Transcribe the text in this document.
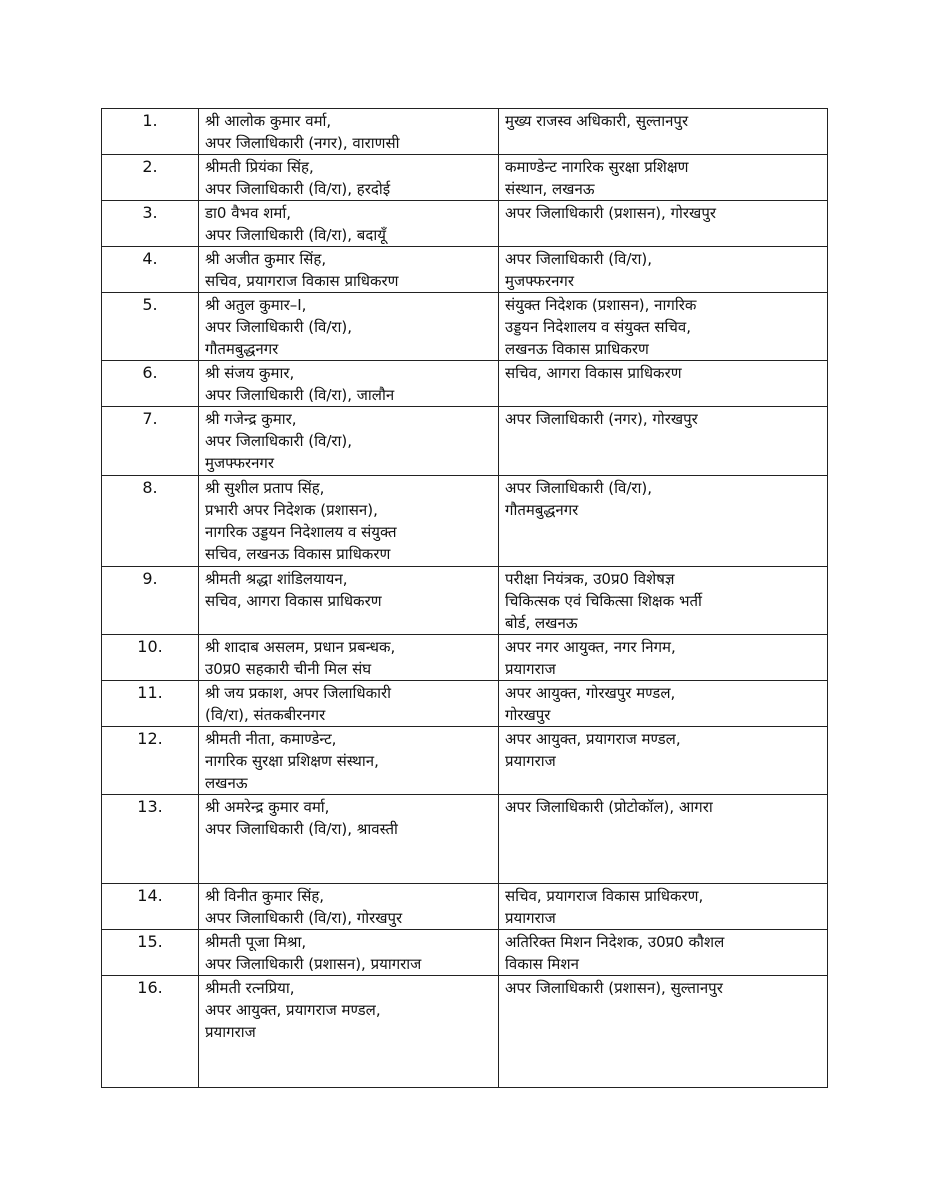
1.	श्री आलोक कुमार वर्मा,
अपर जिलाधिकारी (नगर), वाराणसी	मुख्य राजस्व अधिकारी, सुल्तानपुर

2.	श्रीमती प्रियंका सिंह,
अपर जिलाधिकारी (वि/रा), हरदोई	कमाण्डेन्ट नागरिक सुरक्षा प्रशिक्षण
संस्थान, लखनऊ

3.	डा0 वैभव शर्मा,
अपर जिलाधिकारी (वि/रा), बदायूँ	अपर जिलाधिकारी (प्रशासन), गोरखपुर

4.	श्री अजीत कुमार सिंह,
सचिव, प्रयागराज विकास प्राधिकरण	अपर जिलाधिकारी (वि/रा),
मुजफ्फरनगर

5.	श्री अतुल कुमार–I,
अपर जिलाधिकारी (वि/रा),
गौतमबुद्धनगर	संयुक्त निदेशक (प्रशासन), नागरिक
उड्डयन निदेशालय व संयुक्त सचिव,
लखनऊ विकास प्राधिकरण

6.	श्री संजय कुमार,
अपर जिलाधिकारी (वि/रा), जालौन	सचिव, आगरा विकास प्राधिकरण

7.	श्री गजेन्द्र कुमार,
अपर जिलाधिकारी (वि/रा),
मुजफ्फरनगर	अपर जिलाधिकारी (नगर), गोरखपुर

8.	श्री सुशील प्रताप सिंह,
प्रभारी अपर निदेशक (प्रशासन),
नागरिक उड्डयन निदेशालय व संयुक्त
सचिव, लखनऊ विकास प्राधिकरण	अपर जिलाधिकारी (वि/रा),
गौतमबुद्धनगर

9.	श्रीमती श्रद्धा शांडिलयायन,
सचिव, आगरा विकास प्राधिकरण	परीक्षा नियंत्रक, उ0प्र0 विशेषज्ञ
चिकित्सक एवं चिकित्सा शिक्षक भर्ती
बोर्ड, लखनऊ

10.	श्री शादाब असलम, प्रधान प्रबन्धक,
उ0प्र0 सहकारी चीनी मिल संघ	अपर नगर आयुक्त, नगर निगम,
प्रयागराज

11.	श्री जय प्रकाश, अपर जिलाधिकारी
(वि/रा), संतकबीरनगर	अपर आयुक्त, गोरखपुर मण्डल,
गोरखपुर

12.	श्रीमती नीता, कमाण्डेन्ट,
नागरिक सुरक्षा प्रशिक्षण संस्थान,
लखनऊ	अपर आयुक्त, प्रयागराज मण्डल,
प्रयागराज

13.	श्री अमरेन्द्र कुमार वर्मा,
अपर जिलाधिकारी (वि/रा), श्रावस्ती	अपर जिलाधिकारी (प्रोटोकॉल), आगरा

14.	श्री विनीत कुमार सिंह,
अपर जिलाधिकारी (वि/रा), गोरखपुर	सचिव, प्रयागराज विकास प्राधिकरण,
प्रयागराज

15.	श्रीमती पूजा मिश्रा,
अपर जिलाधिकारी (प्रशासन), प्रयागराज	अतिरिक्त मिशन निदेशक, उ0प्र0 कौशल
विकास मिशन

16.	श्रीमती रत्नप्रिया,
अपर आयुक्त, प्रयागराज मण्डल,
प्रयागराज	अपर जिलाधिकारी (प्रशासन), सुल्तानपुर
